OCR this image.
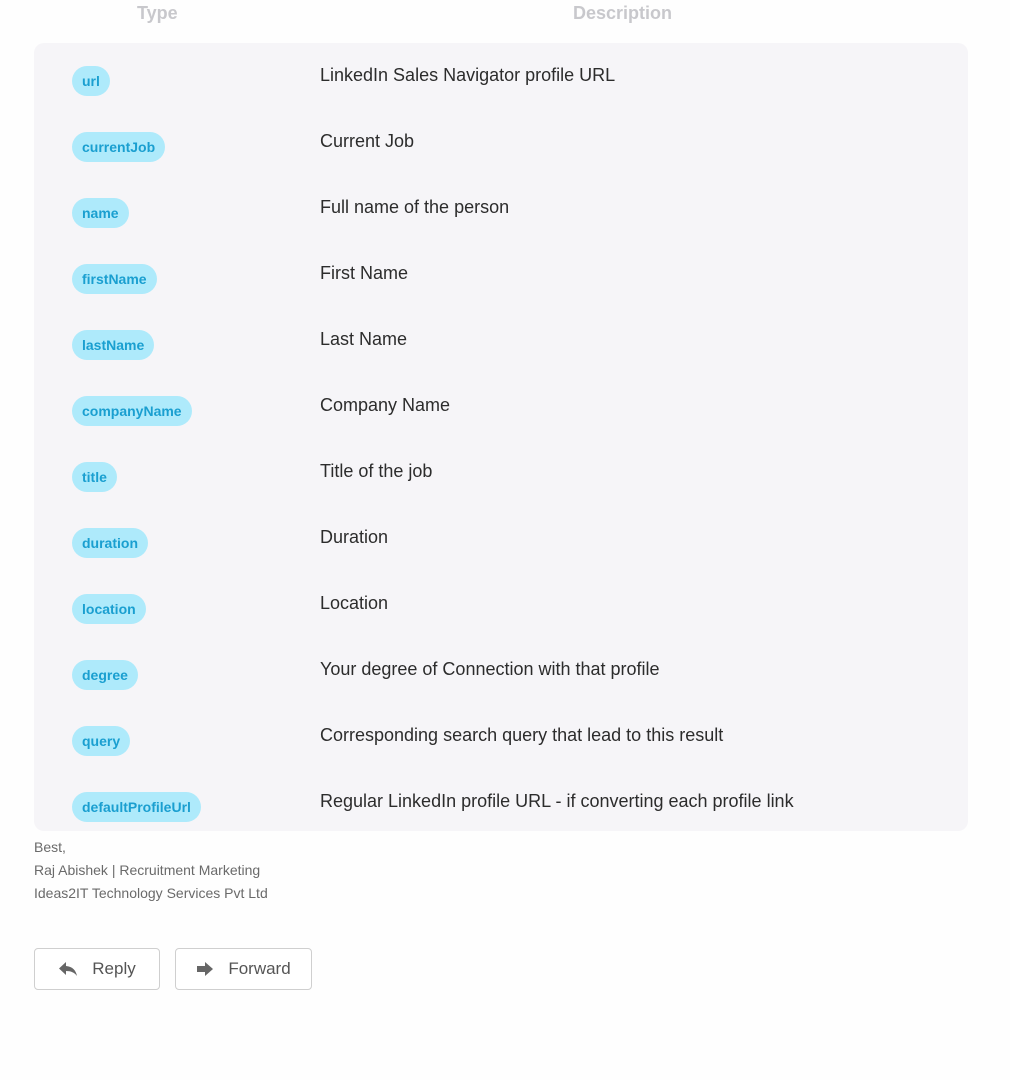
Type	Description
url	LinkedIn Sales Navigator profile URL
currentJob	Current Job
name	Full name of the person
firstName	First Name
lastName	Last Name
companyName	Company Name
title	Title of the job
duration	Duration
location	Location
degree	Your degree of Connection with that profile
query	Corresponding search query that lead to this result
defaultProfileUrl	Regular LinkedIn profile URL - if converting each profile link
Best,
Raj Abishek | Recruitment Marketing
Ideas2IT Technology Services Pvt Ltd
Reply	Forward
